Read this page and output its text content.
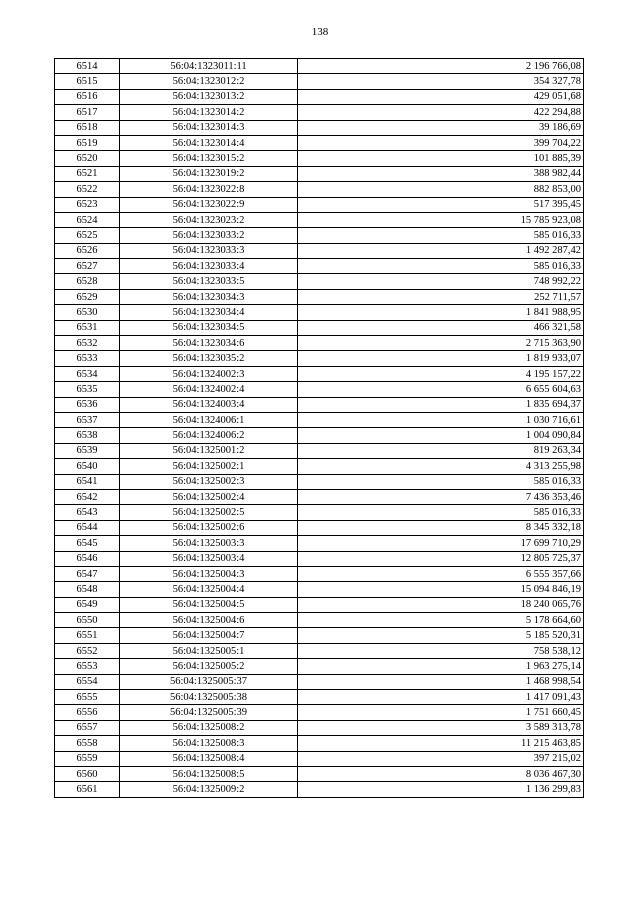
138
6514	56:04:1323011:11	2 196 766,08
6515	56:04:1323012:2	354 327,78
6516	56:04:1323013:2	429 051,68
6517	56:04:1323014:2	422 294,88
6518	56:04:1323014:3	39 186,69
6519	56:04:1323014:4	399 704,22
6520	56:04:1323015:2	101 885,39
6521	56:04:1323019:2	388 982,44
6522	56:04:1323022:8	882 853,00
6523	56:04:1323022:9	517 395,45
6524	56:04:1323023:2	15 785 923,08
6525	56:04:1323033:2	585 016,33
6526	56:04:1323033:3	1 492 287,42
6527	56:04:1323033:4	585 016,33
6528	56:04:1323033:5	748 992,22
6529	56:04:1323034:3	252 711,57
6530	56:04:1323034:4	1 841 988,95
6531	56:04:1323034:5	466 321,58
6532	56:04:1323034:6	2 715 363,90
6533	56:04:1323035:2	1 819 933,07
6534	56:04:1324002:3	4 195 157,22
6535	56:04:1324002:4	6 655 604,63
6536	56:04:1324003:4	1 835 694,37
6537	56:04:1324006:1	1 030 716,61
6538	56:04:1324006:2	1 004 090,84
6539	56:04:1325001:2	819 263,34
6540	56:04:1325002:1	4 313 255,98
6541	56:04:1325002:3	585 016,33
6542	56:04:1325002:4	7 436 353,46
6543	56:04:1325002:5	585 016,33
6544	56:04:1325002:6	8 345 332,18
6545	56:04:1325003:3	17 699 710,29
6546	56:04:1325003:4	12 805 725,37
6547	56:04:1325004:3	6 555 357,66
6548	56:04:1325004:4	15 094 846,19
6549	56:04:1325004:5	18 240 065,76
6550	56:04:1325004:6	5 178 664,60
6551	56:04:1325004:7	5 185 520,31
6552	56:04:1325005:1	758 538,12
6553	56:04:1325005:2	1 963 275,14
6554	56:04:1325005:37	1 468 998,54
6555	56:04:1325005:38	1 417 091,43
6556	56:04:1325005:39	1 751 660,45
6557	56:04:1325008:2	3 589 313,78
6558	56:04:1325008:3	11 215 463,85
6559	56:04:1325008:4	397 215,02
6560	56:04:1325008:5	8 036 467,30
6561	56:04:1325009:2	1 136 299,83
